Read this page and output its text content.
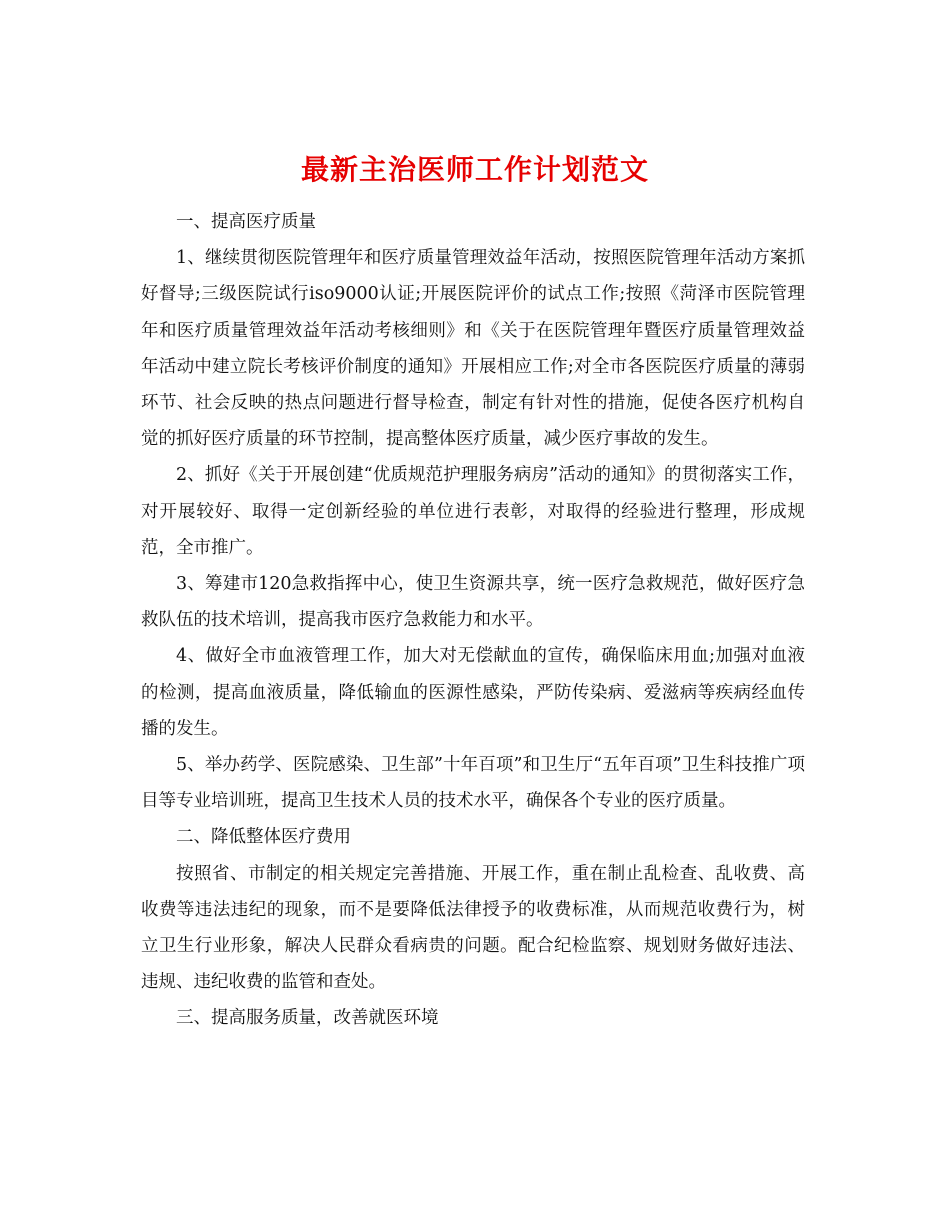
最新主治医师工作计划范文

一、提高医疗质量

1、继续贯彻医院管理年和医疗质量管理效益年活动，按照医院管理年活动方案抓好督导;三级医院试行iso9000认证;开展医院评价的试点工作;按照《菏泽市医院管理年和医疗质量管理效益年活动考核细则》和《关于在医院管理年暨医疗质量管理效益年活动中建立院长考核评价制度的通知》开展相应工作;对全市各医院医疗质量的薄弱环节、社会反映的热点问题进行督导检查，制定有针对性的措施，促使各医疗机构自觉的抓好医疗质量的环节控制，提高整体医疗质量，减少医疗事故的发生。

2、抓好《关于开展创建“优质规范护理服务病房”活动的通知》的贯彻落实工作，对开展较好、取得一定创新经验的单位进行表彰，对取得的经验进行整理，形成规范，全市推广。

3、筹建市120急救指挥中心，使卫生资源共享，统一医疗急救规范，做好医疗急救队伍的技术培训，提高我市医疗急救能力和水平。

4、做好全市血液管理工作，加大对无偿献血的宣传，确保临床用血;加强对血液的检测，提高血液质量，降低输血的医源性感染，严防传染病、爱滋病等疾病经血传播的发生。

5、举办药学、医院感染、卫生部”十年百项”和卫生厅“五年百项”卫生科技推广项目等专业培训班，提高卫生技术人员的技术水平，确保各个专业的医疗质量。

二、降低整体医疗费用

按照省、市制定的相关规定完善措施、开展工作，重在制止乱检查、乱收费、高收费等违法违纪的现象，而不是要降低法律授予的收费标准，从而规范收费行为，树立卫生行业形象，解决人民群众看病贵的问题。配合纪检监察、规划财务做好违法、违规、违纪收费的监管和查处。

三、提高服务质量，改善就医环境
